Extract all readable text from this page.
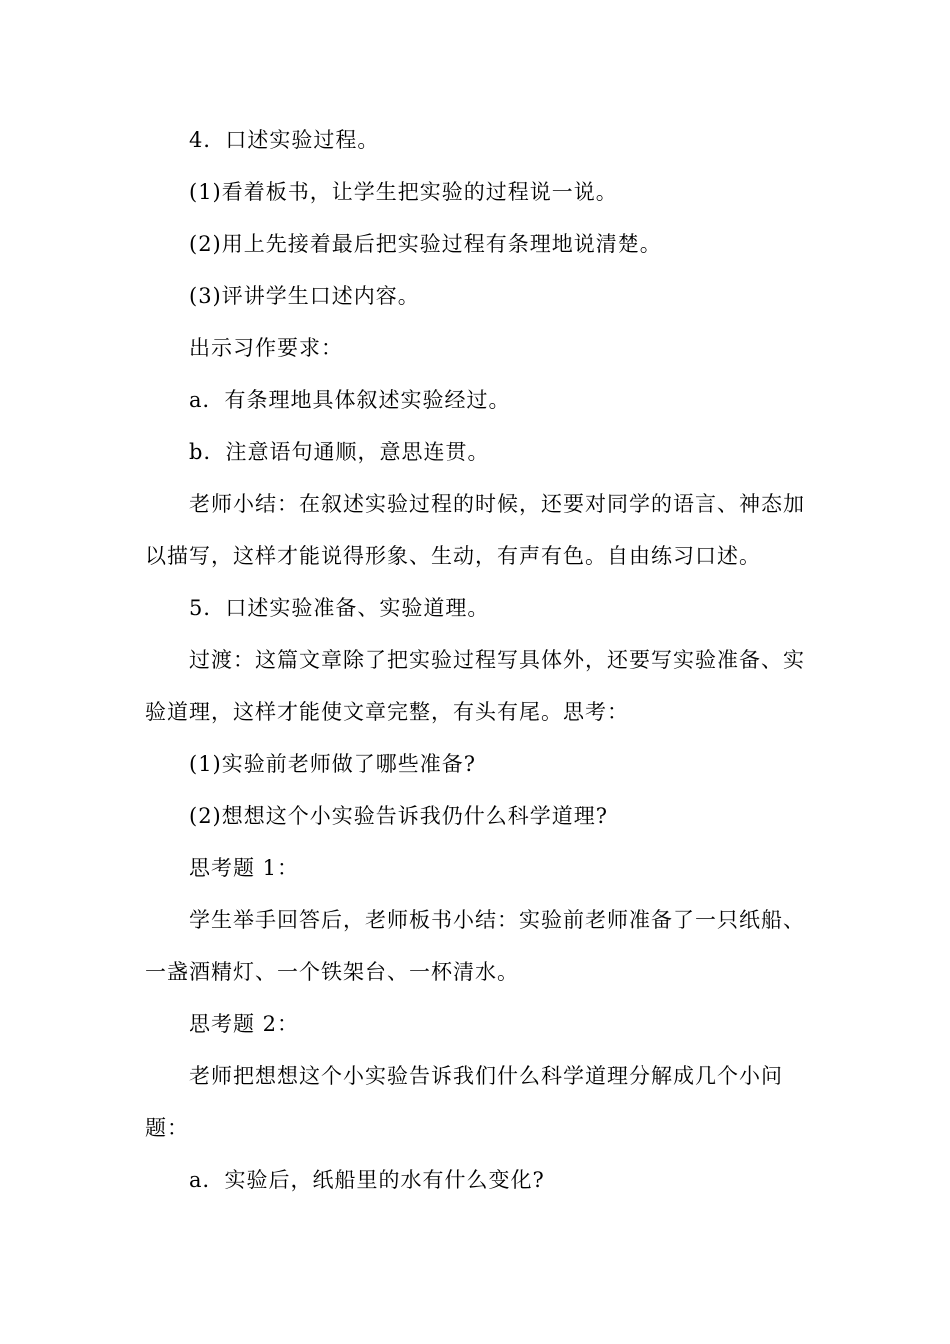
4．口述实验过程。

(1)看着板书，让学生把实验的过程说一说。

(2)用上先接着最后把实验过程有条理地说清楚。

(3)评讲学生口述内容。

出示习作要求：

a．有条理地具体叙述实验经过。

b．注意语句通顺，意思连贯。

老师小结：在叙述实验过程的时候，还要对同学的语言、神态加以描写，这样才能说得形象、生动，有声有色。自由练习口述。

5．口述实验准备、实验道理。

过渡：这篇文章除了把实验过程写具体外，还要写实验准备、实验道理，这样才能使文章完整，有头有尾。思考：

(1)实验前老师做了哪些准备?

(2)想想这个小实验告诉我仍什么科学道理?

思考题 1：

学生举手回答后，老师板书小结：实验前老师准备了一只纸船、一盏酒精灯、一个铁架台、一杯清水。

思考题 2：

老师把想想这个小实验告诉我们什么科学道理分解成几个小问题：

a．实验后，纸船里的水有什么变化?
